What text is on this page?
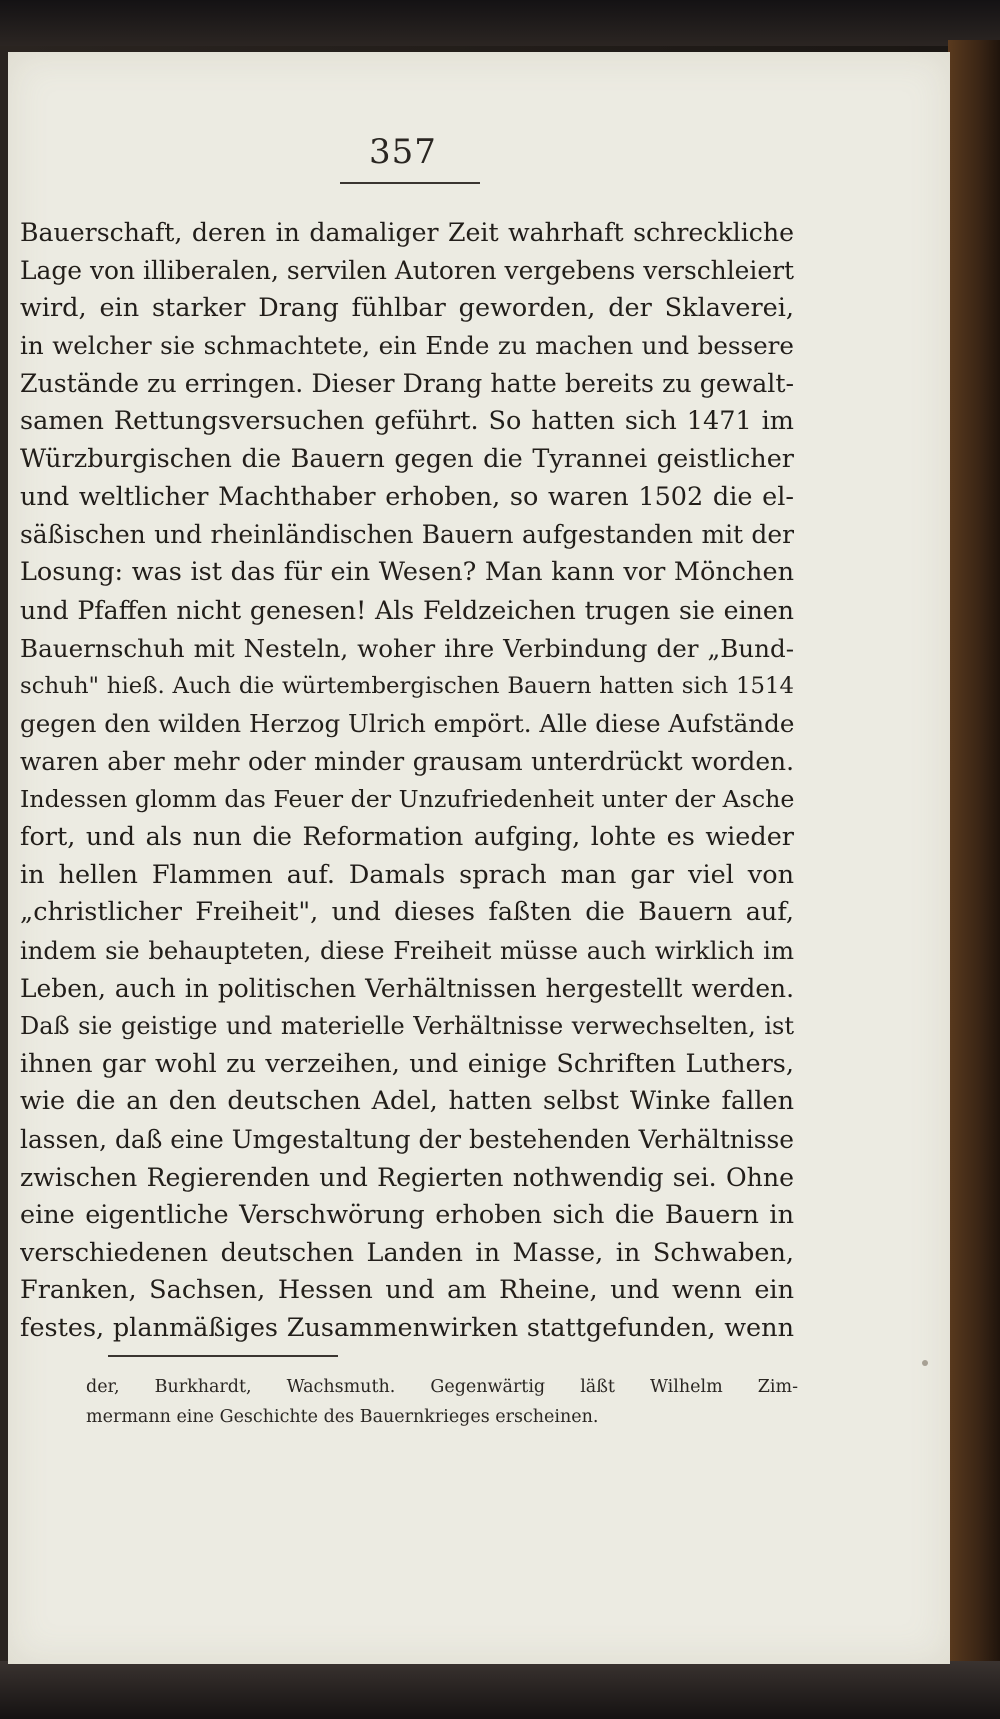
357
Bauerschaft, deren in damaliger Zeit wahrhaft schreckliche
Lage von illiberalen, servilen Autoren vergebens verschleiert
wird, ein starker Drang fühlbar geworden, der Sklaverei,
in welcher sie schmachtete, ein Ende zu machen und bessere
Zustände zu erringen. Dieser Drang hatte bereits zu gewalt-
samen Rettungsversuchen geführt. So hatten sich 1471 im
Würzburgischen die Bauern gegen die Tyrannei geistlicher
und weltlicher Machthaber erhoben, so waren 1502 die el-
säßischen und rheinländischen Bauern aufgestanden mit der
Losung: was ist das für ein Wesen? Man kann vor Mönchen
und Pfaffen nicht genesen! Als Feldzeichen trugen sie einen
Bauernschuh mit Nesteln, woher ihre Verbindung der „Bund-
schuh" hieß. Auch die würtembergischen Bauern hatten sich 1514
gegen den wilden Herzog Ulrich empört. Alle diese Aufstände
waren aber mehr oder minder grausam unterdrückt worden.
Indessen glomm das Feuer der Unzufriedenheit unter der Asche
fort, und als nun die Reformation aufging, lohte es wieder
in hellen Flammen auf. Damals sprach man gar viel von
„christlicher Freiheit", und dieses faßten die Bauern auf,
indem sie behaupteten, diese Freiheit müsse auch wirklich im
Leben, auch in politischen Verhältnissen hergestellt werden.
Daß sie geistige und materielle Verhältnisse verwechselten, ist
ihnen gar wohl zu verzeihen, und einige Schriften Luthers,
wie die an den deutschen Adel, hatten selbst Winke fallen
lassen, daß eine Umgestaltung der bestehenden Verhältnisse
zwischen Regierenden und Regierten nothwendig sei. Ohne
eine eigentliche Verschwörung erhoben sich die Bauern in
verschiedenen deutschen Landen in Masse, in Schwaben,
Franken, Sachsen, Hessen und am Rheine, und wenn ein
festes, planmäßiges Zusammenwirken stattgefunden, wenn
der, Burkhardt, Wachsmuth. Gegenwärtig läßt Wilhelm Zim-
mermann eine Geschichte des Bauernkrieges erscheinen.
